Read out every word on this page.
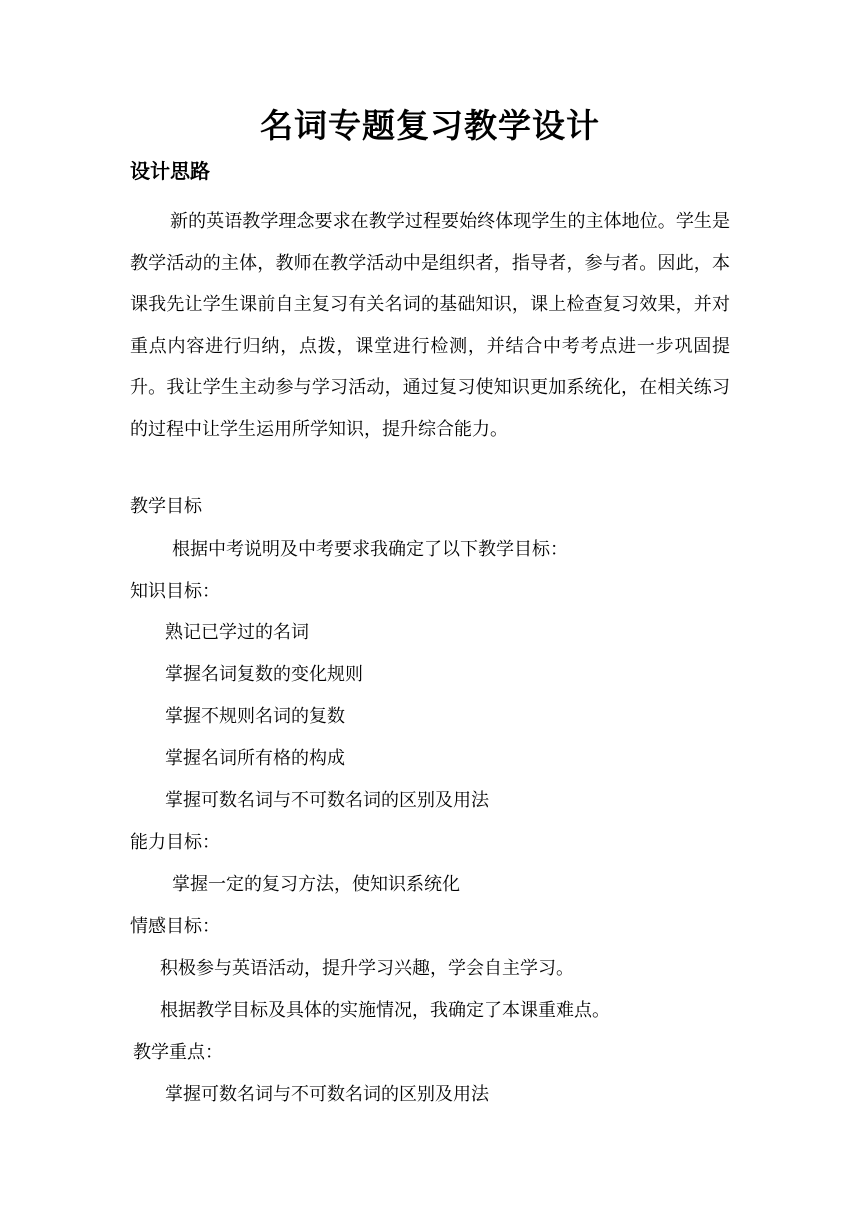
名词专题复习教学设计
设计思路
新的英语教学理念要求在教学过程要始终体现学生的主体地位。学生是教学活动的主体，教师在教学活动中是组织者，指导者，参与者。因此，本课我先让学生课前自主复习有关名词的基础知识，课上检查复习效果，并对重点内容进行归纳，点拨，课堂进行检测，并结合中考考点进一步巩固提升。我让学生主动参与学习活动，通过复习使知识更加系统化，在相关练习的过程中让学生运用所学知识，提升综合能力。
教学目标
根据中考说明及中考要求我确定了以下教学目标：
知识目标：
熟记已学过的名词
掌握名词复数的变化规则
掌握不规则名词的复数
掌握名词所有格的构成
掌握可数名词与不可数名词的区别及用法
能力目标：
掌握一定的复习方法，使知识系统化
情感目标：
积极参与英语活动，提升学习兴趣，学会自主学习。
根据教学目标及具体的实施情况，我确定了本课重难点。
教学重点：
掌握可数名词与不可数名词的区别及用法
